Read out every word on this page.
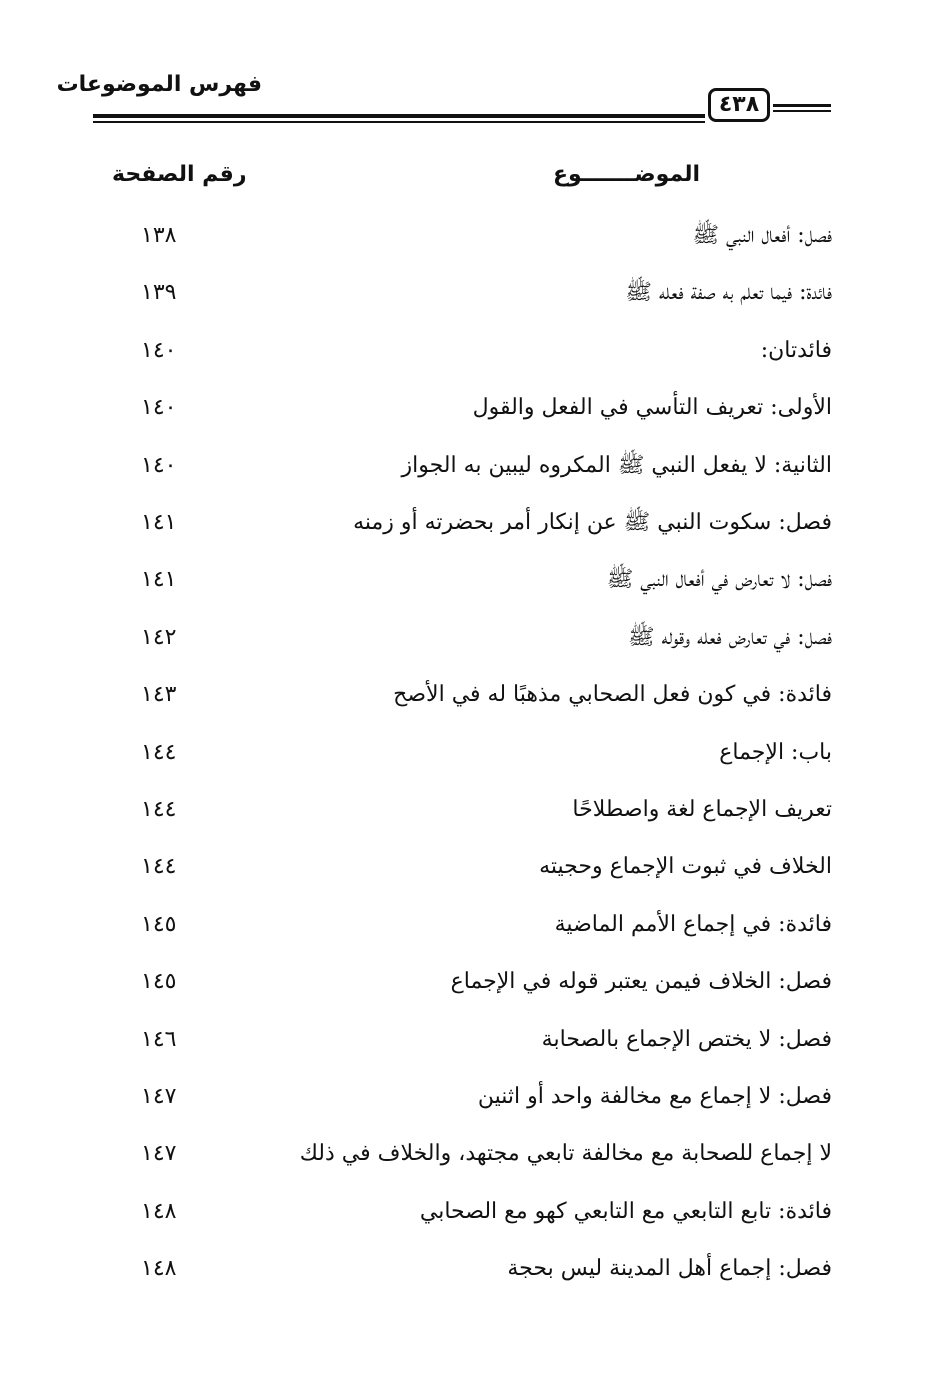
فهرس الموضوعات
٤٣٨
الموضـــــــوع
رقم الصفحة
فصل: أفعال النبي ﷺ
١٣٨
فائدة: فيما تعلم به صفة فعله ﷺ
١٣٩
فائدتان:
١٤٠
الأولى: تعريف التأسي في الفعل والقول
١٤٠
الثانية: لا يفعل النبي ﷺ المكروه ليبين به الجواز
١٤٠
فصل: سكوت النبي ﷺ عن إنكار أمر بحضرته أو زمنه
١٤١
فصل: لا تعارض في أفعال النبي ﷺ
١٤١
فصل: في تعارض فعله وقوله ﷺ
١٤٢
فائدة: في كون فعل الصحابي مذهبًا له في الأصح
١٤٣
باب: الإجماع
١٤٤
تعريف الإجماع لغة واصطلاحًا
١٤٤
الخلاف في ثبوت الإجماع وحجيته
١٤٤
فائدة: في إجماع الأمم الماضية
١٤٥
فصل: الخلاف فيمن يعتبر قوله في الإجماع
١٤٥
فصل: لا يختص الإجماع بالصحابة
١٤٦
فصل: لا إجماع مع مخالفة واحد أو اثنين
١٤٧
لا إجماع للصحابة مع مخالفة تابعي مجتهد، والخلاف في ذلك
١٤٧
فائدة: تابع التابعي مع التابعي كهو مع الصحابي
١٤٨
فصل: إجماع أهل المدينة ليس بحجة
١٤٨
